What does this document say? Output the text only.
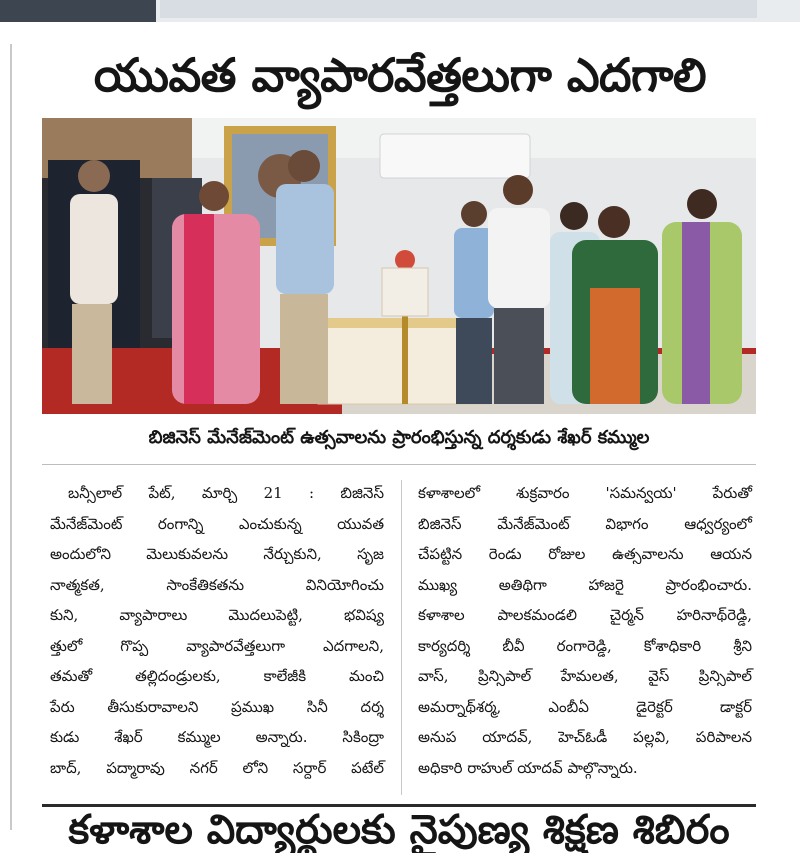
యువత వ్యాపారవేత్తలుగా ఎదగాలి
బిజినెస్ మేనేజ్‌మెంట్ ఉత్సవాలను ప్రారంభిస్తున్న దర్శకుడు శేఖర్ కమ్ముల
బన్సీలాల్ పేట్, మార్చి 21 : బిజినెస్
మేనేజ్‌మెంట్ రంగాన్ని ఎంచుకున్న యువత
అందులోని మెలుకువలను నేర్చుకుని, సృజ
నాత్మకత, సాంకేతికతను వినియోగించు
కుని, వ్యాపారాలు మొదలుపెట్టి, భవిష్య
త్తులో గొప్ప వ్యాపారవేత్తలుగా ఎదగాలని,
తమతో తల్లిదండ్రులకు, కాలేజీకి మంచి
పేరు తీసుకురావాలని ప్రముఖ సినీ దర్శ
కుడు శేఖర్ కమ్ముల అన్నారు. సికింద్రా
బాద్, పద్మారావు నగర్ లోని సర్దార్ పటేల్
కళాశాలలో శుక్రవారం 'సమన్వయ' పేరుతో
బిజినెస్ మేనేజ్‌మెంట్ విభాగం ఆధ్వర్యంలో
చేపట్టిన రెండు రోజుల ఉత్సవాలను ఆయన
ముఖ్య అతిథిగా హాజరై ప్రారంభించారు.
కళాశాల పాలకమండలి చైర్మన్ హరినాథ్‌రెడ్డి,
కార్యదర్శి బీవీ రంగారెడ్డి, కోశాధికారి శ్రీని
వాస్, ప్రిన్సిపాల్ హేమలత, వైస్ ప్రిన్సిపాల్
అమర్నాథ్‌శర్మ, ఎంబీఏ డైరెక్టర్ డాక్టర్
అనుప యాదవ్, హెచ్‌ఓడీ పల్లవి, పరిపాలన
అధికారి రాహుల్ యాదవ్ పాల్గొన్నారు.
కళాశాల విద్యార్థులకు నైపుణ్య శిక్షణ శిబిరం
